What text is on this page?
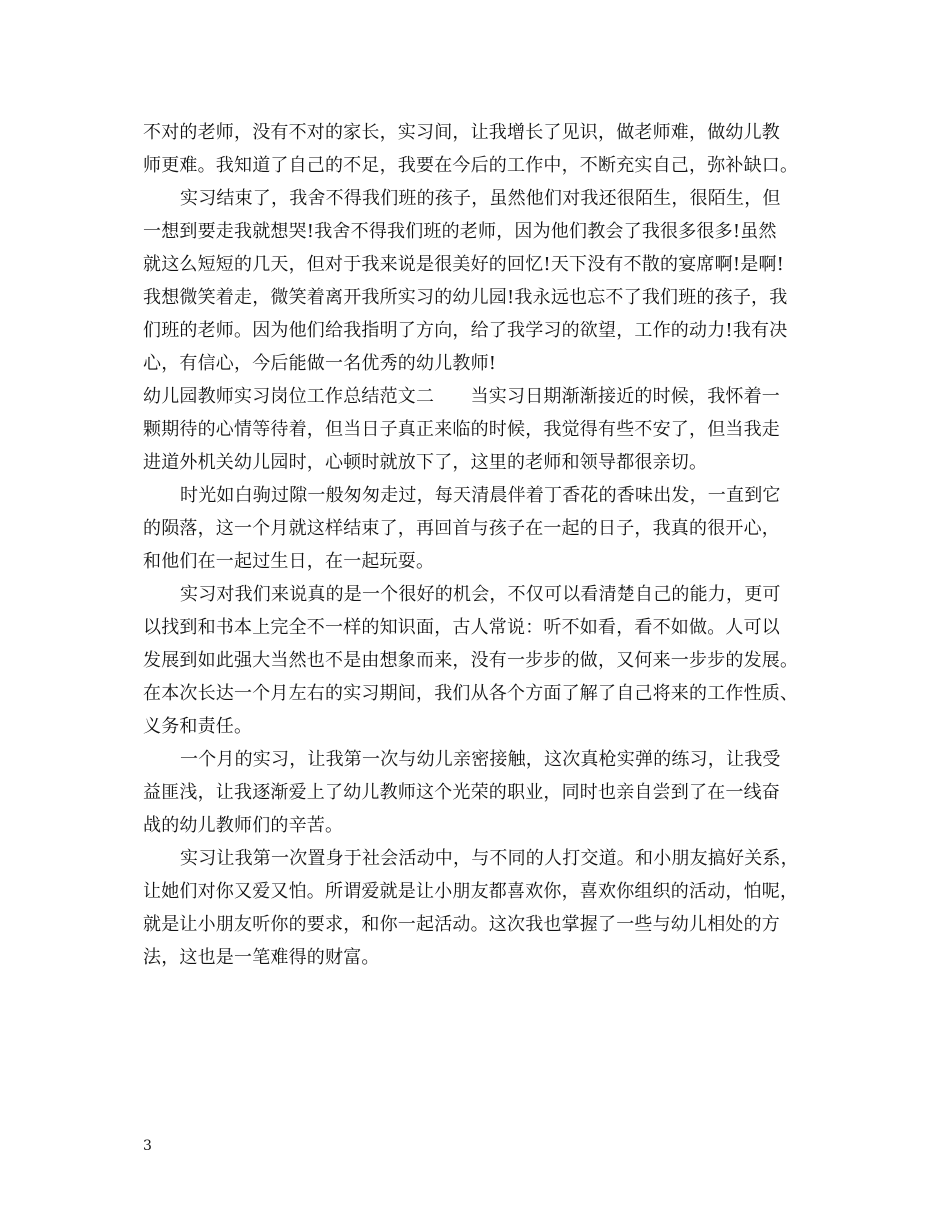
不对的老师，没有不对的家长，实习间，让我增长了见识，做老师难，做幼儿教
师更难。我知道了自己的不足，我要在今后的工作中，不断充实自己，弥补缺口。
实习结束了，我舍不得我们班的孩子，虽然他们对我还很陌生，很陌生，但
一想到要走我就想哭!我舍不得我们班的老师，因为他们教会了我很多很多!虽然
就这么短短的几天，但对于我来说是很美好的回忆!天下没有不散的宴席啊!是啊!
我想微笑着走，微笑着离开我所实习的幼儿园!我永远也忘不了我们班的孩子，我
们班的老师。因为他们给我指明了方向，给了我学习的欲望，工作的动力!我有决
心，有信心，今后能做一名优秀的幼儿教师!
幼儿园教师实习岗位工作总结范文二　　当实习日期渐渐接近的时候，我怀着一
颗期待的心情等待着，但当日子真正来临的时候，我觉得有些不安了，但当我走
进道外机关幼儿园时，心顿时就放下了，这里的老师和领导都很亲切。
时光如白驹过隙一般匆匆走过，每天清晨伴着丁香花的香味出发，一直到它
的陨落，这一个月就这样结束了，再回首与孩子在一起的日子，我真的很开心，
和他们在一起过生日，在一起玩耍。
实习对我们来说真的是一个很好的机会，不仅可以看清楚自己的能力，更可
以找到和书本上完全不一样的知识面，古人常说：听不如看，看不如做。人可以
发展到如此强大当然也不是由想象而来，没有一步步的做，又何来一步步的发展。
在本次长达一个月左右的实习期间，我们从各个方面了解了自己将来的工作性质、
义务和责任。
一个月的实习，让我第一次与幼儿亲密接触，这次真枪实弹的练习，让我受
益匪浅，让我逐渐爱上了幼儿教师这个光荣的职业，同时也亲自尝到了在一线奋
战的幼儿教师们的辛苦。
实习让我第一次置身于社会活动中，与不同的人打交道。和小朋友搞好关系，
让她们对你又爱又怕。所谓爱就是让小朋友都喜欢你，喜欢你组织的活动，怕呢，
就是让小朋友听你的要求，和你一起活动。这次我也掌握了一些与幼儿相处的方
法，这也是一笔难得的财富。
3
